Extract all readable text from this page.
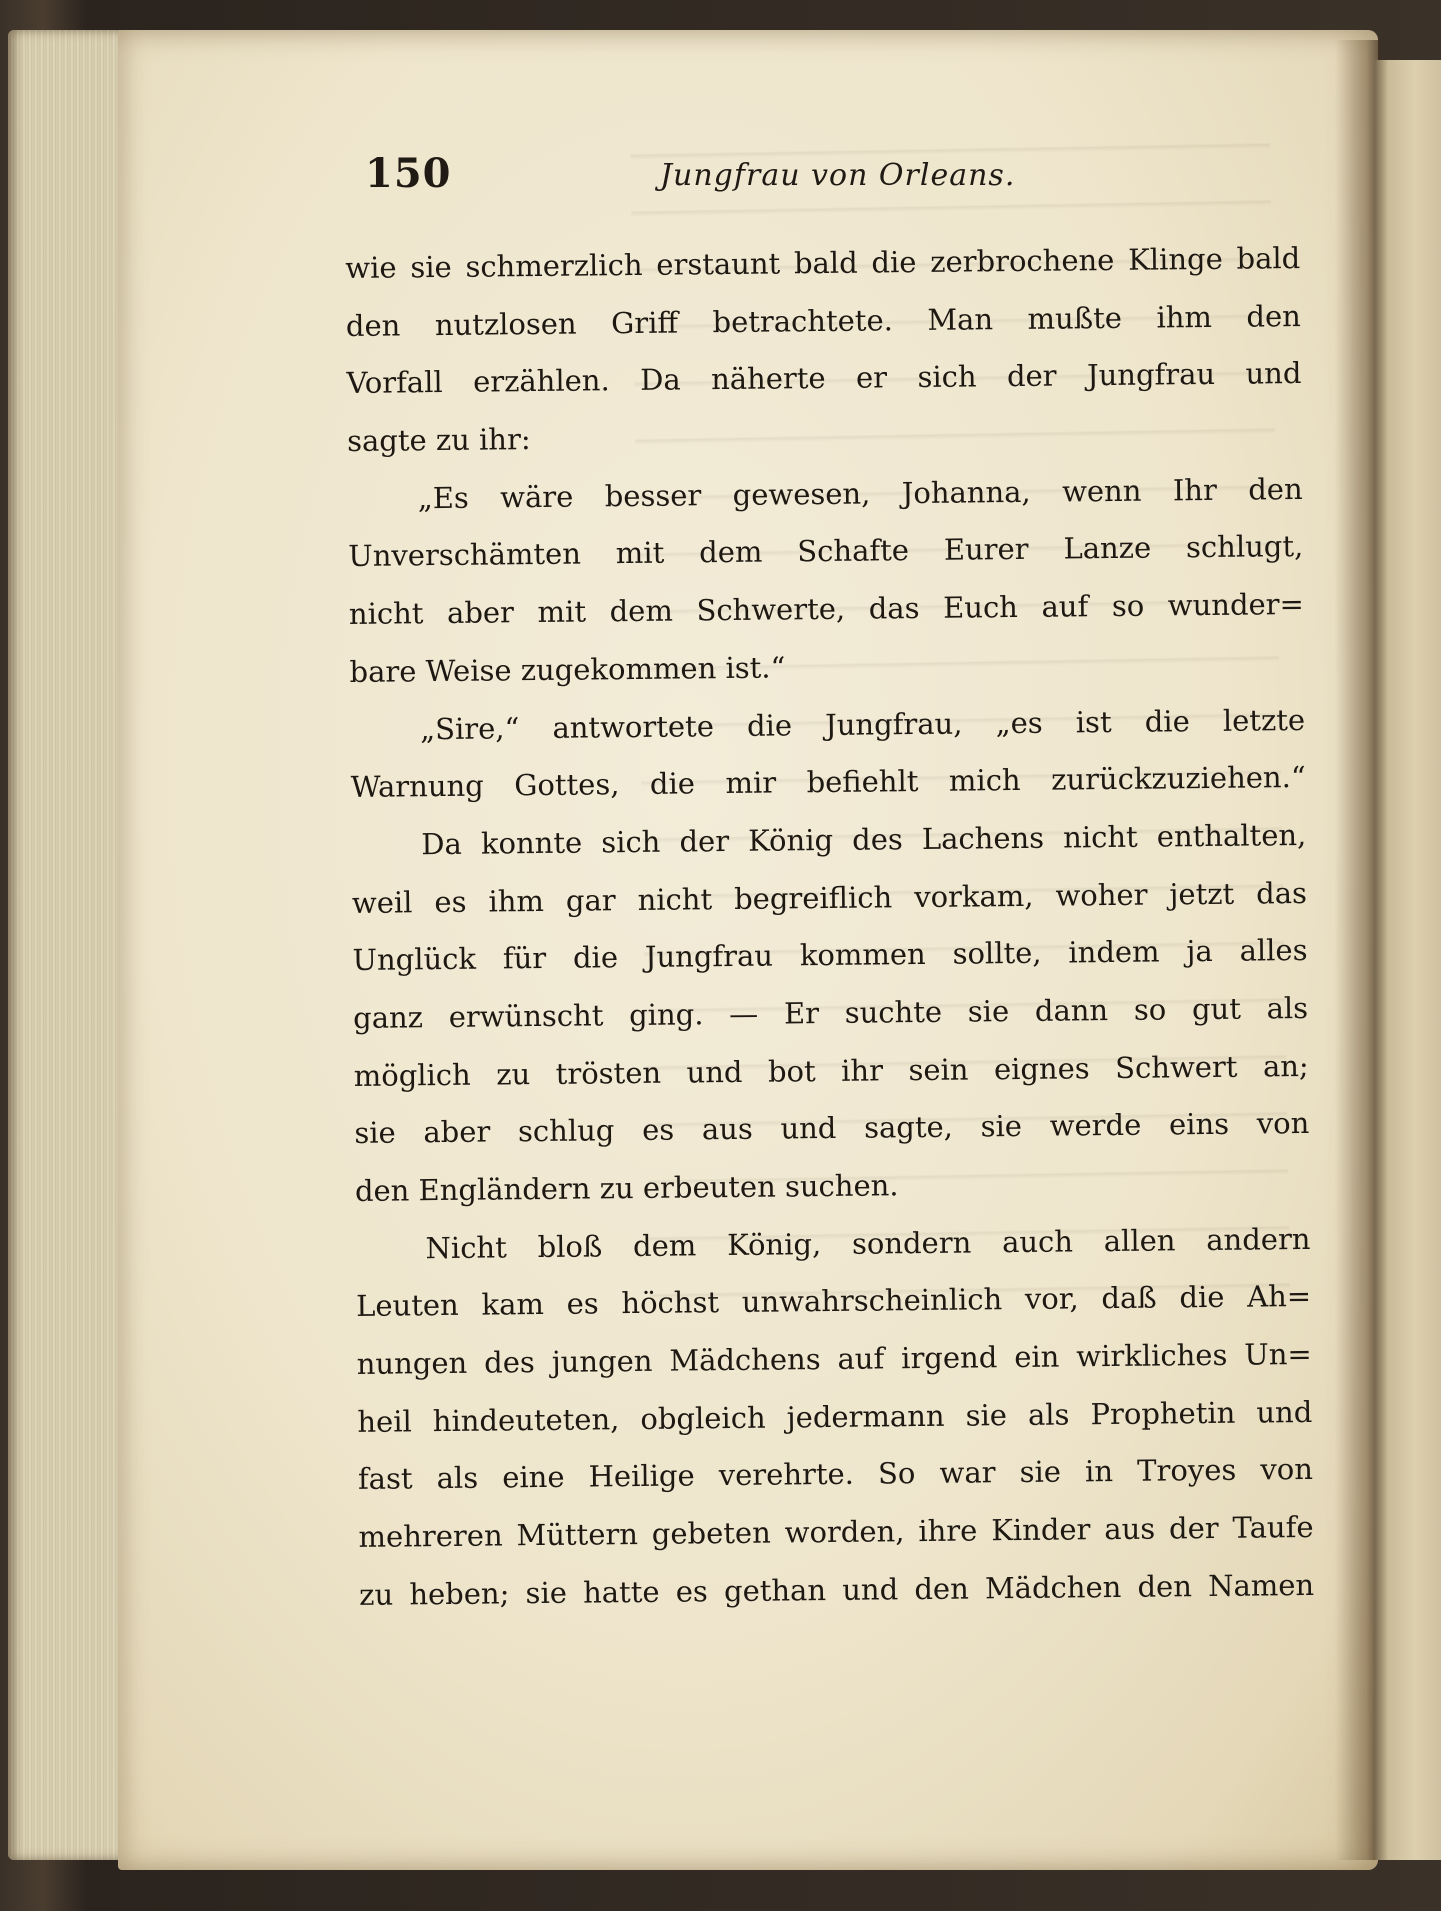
150	Jungfrau von Orleans.
wie sie schmerzlich erstaunt bald die zerbrochene Klinge bald
den nutzlosen Griff betrachtete. Man mußte ihm den
Vorfall erzählen. Da näherte er sich der Jungfrau und
sagte zu ihr:
„Es wäre besser gewesen, Johanna, wenn Ihr den
Unverschämten mit dem Schafte Eurer Lanze schlugt,
nicht aber mit dem Schwerte, das Euch auf so wunder=
bare Weise zugekommen ist.“
„Sire,“ antwortete die Jungfrau, „es ist die letzte
Warnung Gottes, die mir befiehlt mich zurückzuziehen.“
Da konnte sich der König des Lachens nicht enthalten,
weil es ihm gar nicht begreiflich vorkam, woher jetzt das
Unglück für die Jungfrau kommen sollte, indem ja alles
ganz erwünscht ging. — Er suchte sie dann so gut als
möglich zu trösten und bot ihr sein eignes Schwert an;
sie aber schlug es aus und sagte, sie werde eins von
den Engländern zu erbeuten suchen.
Nicht bloß dem König, sondern auch allen andern
Leuten kam es höchst unwahrscheinlich vor, daß die Ah=
nungen des jungen Mädchens auf irgend ein wirkliches Un=
heil hindeuteten, obgleich jedermann sie als Prophetin und
fast als eine Heilige verehrte. So war sie in Troyes von
mehreren Müttern gebeten worden, ihre Kinder aus der Taufe
zu heben; sie hatte es gethan und den Mädchen den Namen
